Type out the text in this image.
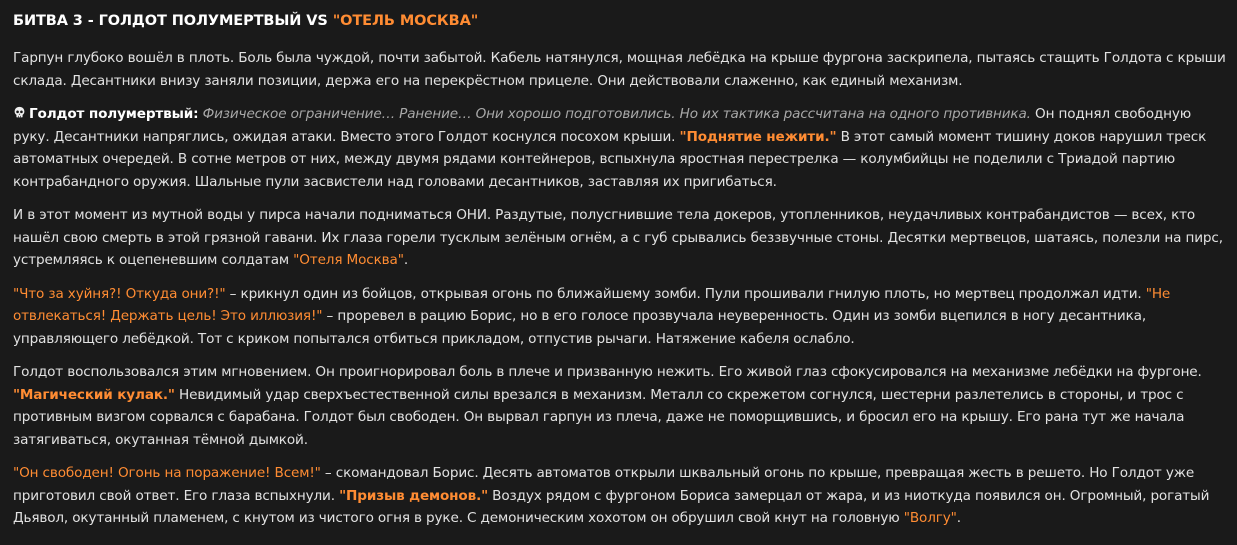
БИТВА 3 - ГОЛДОТ ПОЛУМЕРТВЫЙ VS "ОТЕЛЬ МОСКВА"

Гарпун глубоко вошёл в плоть. Боль была чуждой, почти забытой. Кабель натянулся, мощная лебёдка на крыше фургона заскрипела, пытаясь стащить Голдота с крыши склада. Десантники внизу заняли позиции, держа его на перекрёстном прицеле. Они действовали слаженно, как единый механизм.

Голдот полумертвый: Физическое ограничение… Ранение… Они хорошо подготовились. Но их тактика рассчитана на одного противника. Он поднял свободную руку. Десантники напряглись, ожидая атаки. Вместо этого Голдот коснулся посохом крыши. "Поднятие нежити." В этот самый момент тишину доков нарушил треск автоматных очередей. В сотне метров от них, между двумя рядами контейнеров, вспыхнула яростная перестрелка — колумбийцы не поделили с Триадой партию контрабандного оружия. Шальные пули засвистели над головами десантников, заставляя их пригибаться.

И в этот момент из мутной воды у пирса начали подниматься ОНИ. Раздутые, полусгнившие тела докеров, утопленников, неудачливых контрабандистов — всех, кто нашёл свою смерть в этой грязной гавани. Их глаза горели тусклым зелёным огнём, а с губ срывались беззвучные стоны. Десятки мертвецов, шатаясь, полезли на пирс, устремляясь к оцепеневшим солдатам "Отеля Москва".

"Что за хуйня?! Откуда они?!" – крикнул один из бойцов, открывая огонь по ближайшему зомби. Пули прошивали гнилую плоть, но мертвец продолжал идти. "Не отвлекаться! Держать цель! Это иллюзия!" – проревел в рацию Борис, но в его голосе прозвучала неуверенность. Один из зомби вцепился в ногу десантника, управляющего лебёдкой. Тот с криком попытался отбиться прикладом, отпустив рычаги. Натяжение кабеля ослабло.

Голдот воспользовался этим мгновением. Он проигнорировал боль в плече и призванную нежить. Его живой глаз сфокусировался на механизме лебёдки на фургоне. "Магический кулак." Невидимый удар сверхъестественной силы врезался в механизм. Металл со скрежетом согнулся, шестерни разлетелись в стороны, и трос с противным визгом сорвался с барабана. Голдот был свободен. Он вырвал гарпун из плеча, даже не поморщившись, и бросил его на крышу. Его рана тут же начала затягиваться, окутанная тёмной дымкой.

"Он свободен! Огонь на поражение! Всем!" – скомандовал Борис. Десять автоматов открыли шквальный огонь по крыше, превращая жесть в решето. Но Голдот уже приготовил свой ответ. Его глаза вспыхнули. "Призыв демонов." Воздух рядом с фургоном Бориса замерцал от жара, и из ниоткуда появился он. Огромный, рогатый Дьявол, окутанный пламенем, с кнутом из чистого огня в руке. С демоническим хохотом он обрушил свой кнут на головную "Волгу".
